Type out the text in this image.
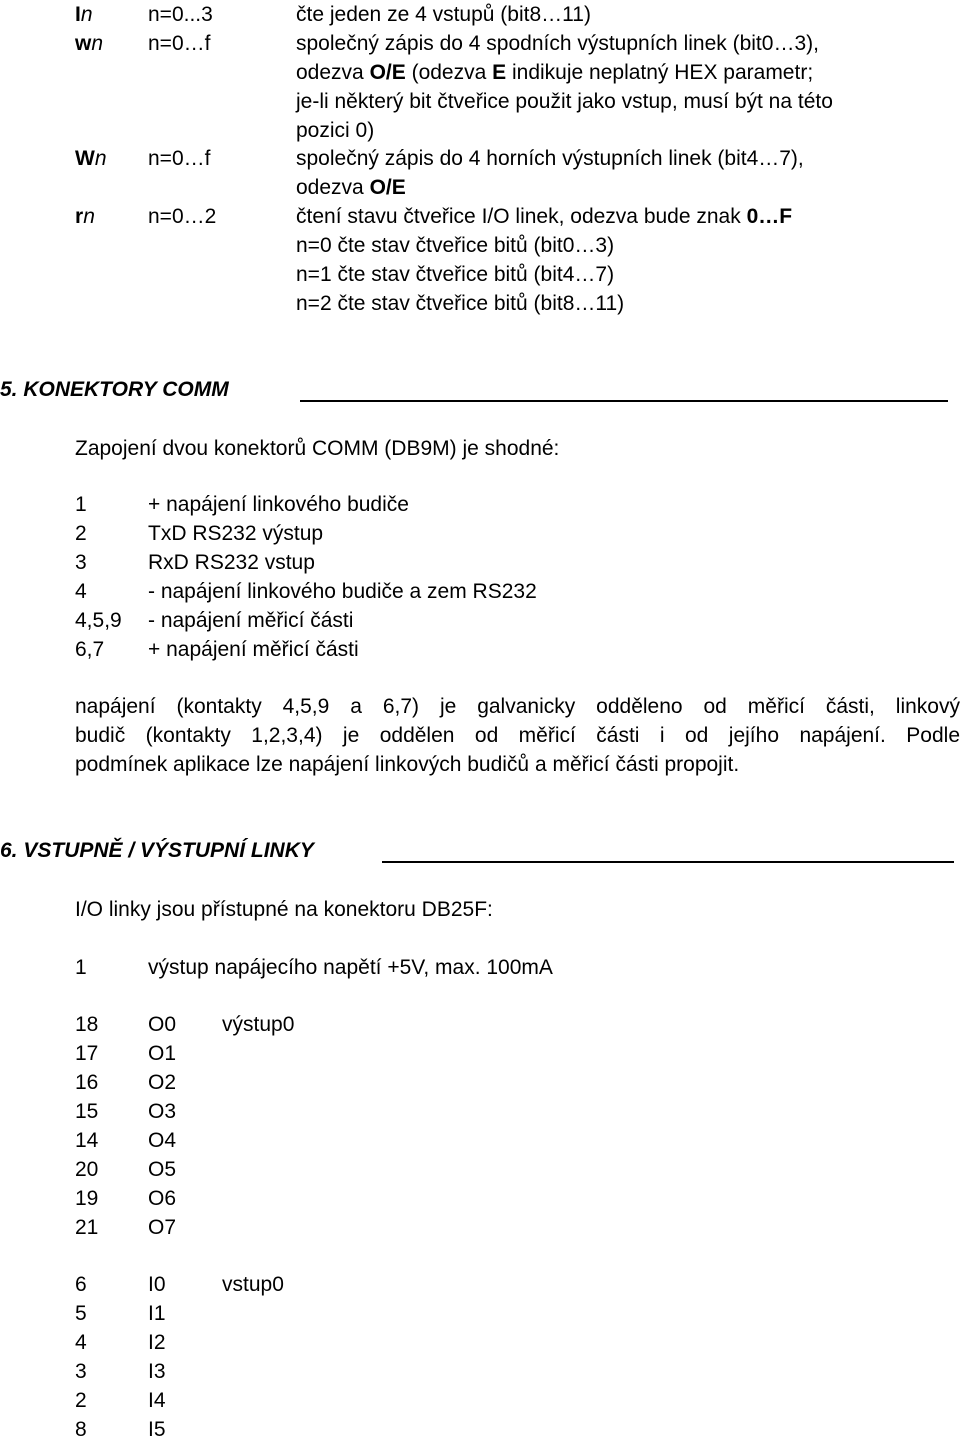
In	n=0...3	čte jeden ze 4 vstupů (bit8…11)
wn	n=0…f	společný zápis do 4 spodních výstupních linek (bit0…3),
odezva O/E (odezva E indikuje neplatný HEX parametr;
je-li některý bit čtveřice použit jako vstup, musí být na této
pozici 0)
Wn	n=0…f	společný zápis do 4 horních výstupních linek (bit4…7),
odezva O/E
rn	n=0…2	čtení stavu čtveřice I/O linek, odezva bude znak 0…F
n=0 čte stav čtveřice bitů (bit0…3)
n=1 čte stav čtveřice bitů (bit4…7)
n=2 čte stav čtveřice bitů (bit8…11)
5. KONEKTORY COMM
Zapojení dvou konektorů COMM (DB9M) je shodné:
1	+ napájení linkového budiče
2	TxD RS232 výstup
3	RxD RS232 vstup
4	- napájení linkového budiče a zem RS232
4,5,9 - napájení měřicí části
6,7 + napájení měřicí části
napájení (kontakty 4,5,9 a 6,7) je galvanicky odděleno od měřicí části, linkový
budič (kontakty 1,2,3,4) je oddělen od měřicí části i od jejího napájení. Podle
podmínek aplikace lze napájení linkových budičů a měřicí části propojit.
6. VSTUPNĚ / VÝSTUPNÍ LINKY
I/O linky jsou přístupné na konektoru DB25F:
1	výstup napájecího napětí +5V, max. 100mA
18 O0 výstup0
17 O1
16 O2
15 O3
14 O4
20 O5
19 O6
21 O7
6	I0	vstup0
5	I1
4	I2
3	I3
2	I4
8	I5
